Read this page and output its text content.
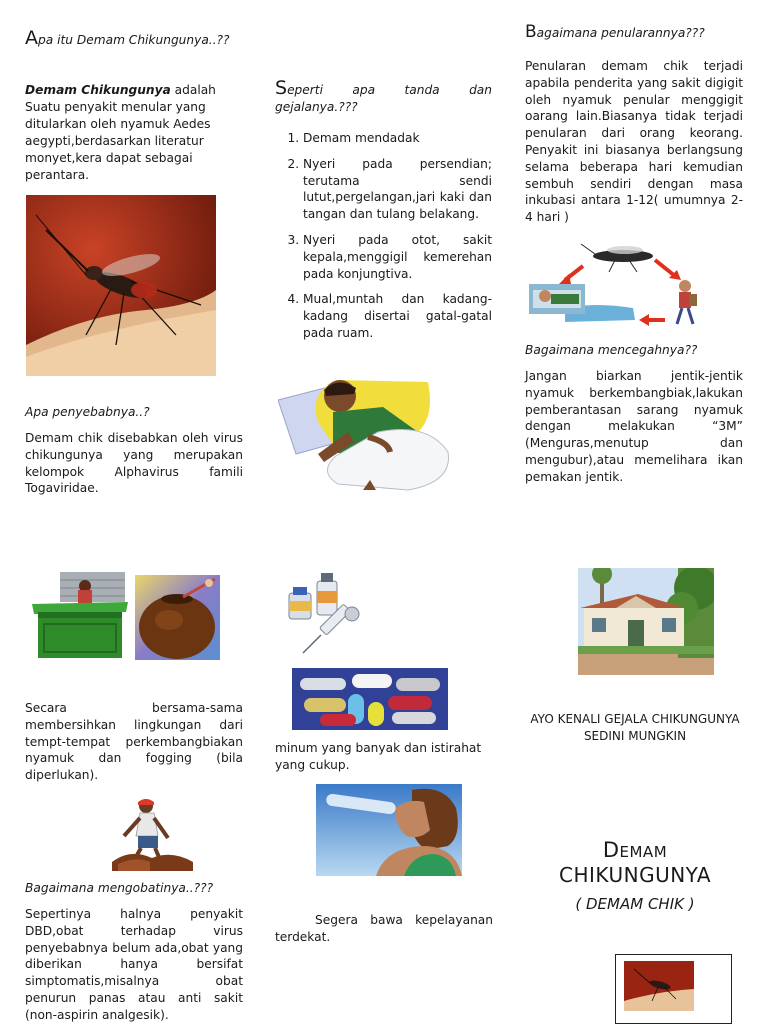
Apa itu Demam Chikungunya..??
Demam Chikungunya adalah Suatu penyakit menular yang ditularkan oleh nyamuk Aedes aegypti,berdasarkan literatur monyet,kera dapat sebagai perantara.
Apa penyebabnya..?
Demam chik disebabkan oleh virus chikungunya yang merupakan kelompok Alphavirus famili Togaviridae.
Secara bersama-sama membersihkan lingkungan dari tempt-tempat perkembangbiakan nyamuk dan fogging (bila diperlukan).
Bagaimana mengobatinya..???
Sepertinya halnya penyakit DBD,obat terhadap virus penyebabnya belum ada,obat yang diberikan hanya bersifat simptomatis,misalnya obat penurun panas atau anti sakit (non-aspirin analgesik).
Seperti apa tanda dan gejalanya.???
1. Demam mendadak
2. Nyeri pada persendian; terutama sendi lutut,pergelangan,jari kaki dan tangan dan tulang belakang.
3. Nyeri pada otot, sakit kepala,menggigil kemerehan pada konjungtiva.
4. Mual,muntah dan kadang-kadang disertai gatal-gatal pada ruam.
minum yang banyak dan istirahat yang cukup.
Segera bawa kepelayanan terdekat.
Bagaimana penularannya???
Penularan demam chik terjadi apabila penderita yang sakit digigit oleh nyamuk penular menggigit oarang lain.Biasanya tidak terjadi penularan dari orang keorang. Penyakit ini biasanya berlangsung selama beberapa hari kemudian sembuh sendiri dengan masa inkubasi antara 1-12( umumnya 2-4 hari )
Bagaimana mencegahnya??
Jangan biarkan jentik-jentik nyamuk berkembangbiak,lakukan pemberantasan sarang nyamuk dengan melakukan “3M” (Menguras,menutup dan mengubur),atau memelihara ikan pemakan jentik.
AYO KENALI GEJALA CHIKUNGUNYA SEDINI MUNGKIN
Demam
CHIKUNGUNYA
( DEMAM CHIK )
